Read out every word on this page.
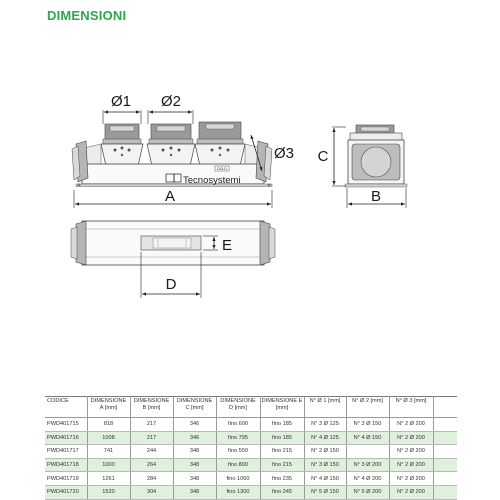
DIMENSIONI
Ø1 Ø2
Tecnosystemi
DOLD
Ø3
A
C
B
E
D
CODICE	DIMENSIONE A [mm]	DIMENSIONE B [mm]	DIMENSIONE C [mm]	DIMENSIONE D [mm]	DIMENSIONE E [mm]	N° Ø 1 [mm]	N° Ø 2 [mm]	N° Ø 3 [mm]	
PWD401715	818	217	346	fino 600	fino 185	N° 3 Ø 125	N° 3 Ø 150	N° 2 Ø 200	
PWD401716	1008	217	346	fino 795	fino 185	N° 4 Ø 125	N° 4 Ø 150	N° 2 Ø 200	
PWD401717	741	244	348	fino 550	fino 215	N° 2 Ø 150		N° 2 Ø 200	
PWD401718	1000	264	348	fino 800	fino 215	N° 3 Ø 150	N° 3 Ø 200	N° 2 Ø 200	
PWD401719	1261	284	348	fino 1060	fino 235	N° 4 Ø 150	N° 4 Ø 200	N° 2 Ø 200	
PWD401720	1520	304	348	fino 1300	fino 245	N° 5 Ø 150	N° 5 Ø 200	N° 2 Ø 200	
